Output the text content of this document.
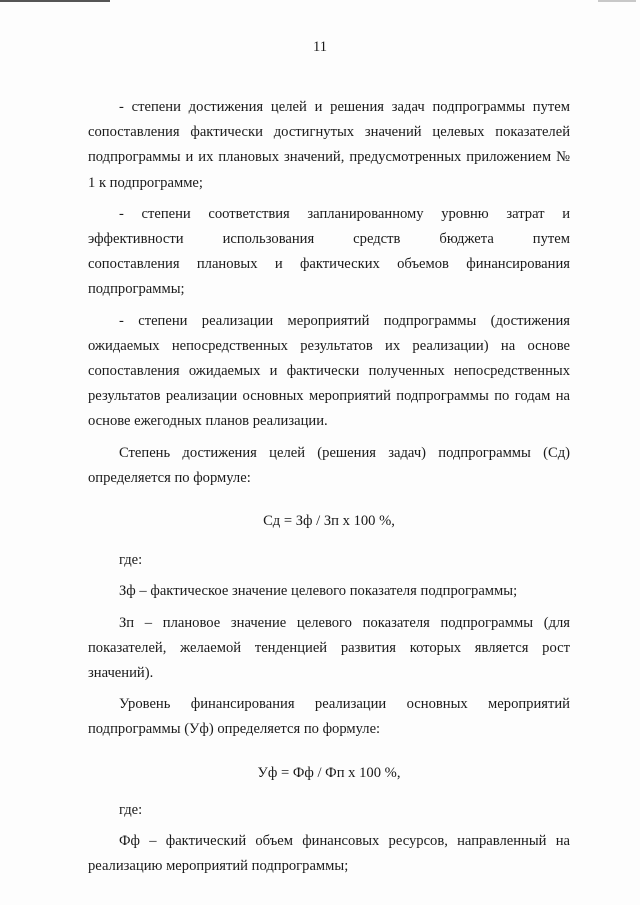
11

- степени достижения целей и решения задач подпрограммы путем сопоставления фактически достигнутых значений целевых показателей подпрограммы и их плановых значений, предусмотренных приложением № 1 к подпрограмме;

- степени соответствия запланированному уровню затрат и эффективности использования средств бюджета путем сопоставления плановых и фактических объемов финансирования подпрограммы;

- степени реализации мероприятий подпрограммы (достижения ожидаемых непосредственных результатов их реализации) на основе сопоставления ожидаемых и фактически полученных непосредственных результатов реализации основных мероприятий подпрограммы по годам на основе ежегодных планов реализации.

Степень достижения целей (решения задач) подпрограммы (Сд) определяется по формуле:

Сд = Зф / Зп х 100 %,

где:

Зф – фактическое значение целевого показателя подпрограммы;

Зп – плановое значение целевого показателя подпрограммы (для показателей, желаемой тенденцией развития которых является рост значений).

Уровень финансирования реализации основных мероприятий подпрограммы (Уф) определяется по формуле:

Уф = Фф / Фп х 100 %,

где:

Фф – фактический объем финансовых ресурсов, направленный на реализацию мероприятий подпрограммы;
